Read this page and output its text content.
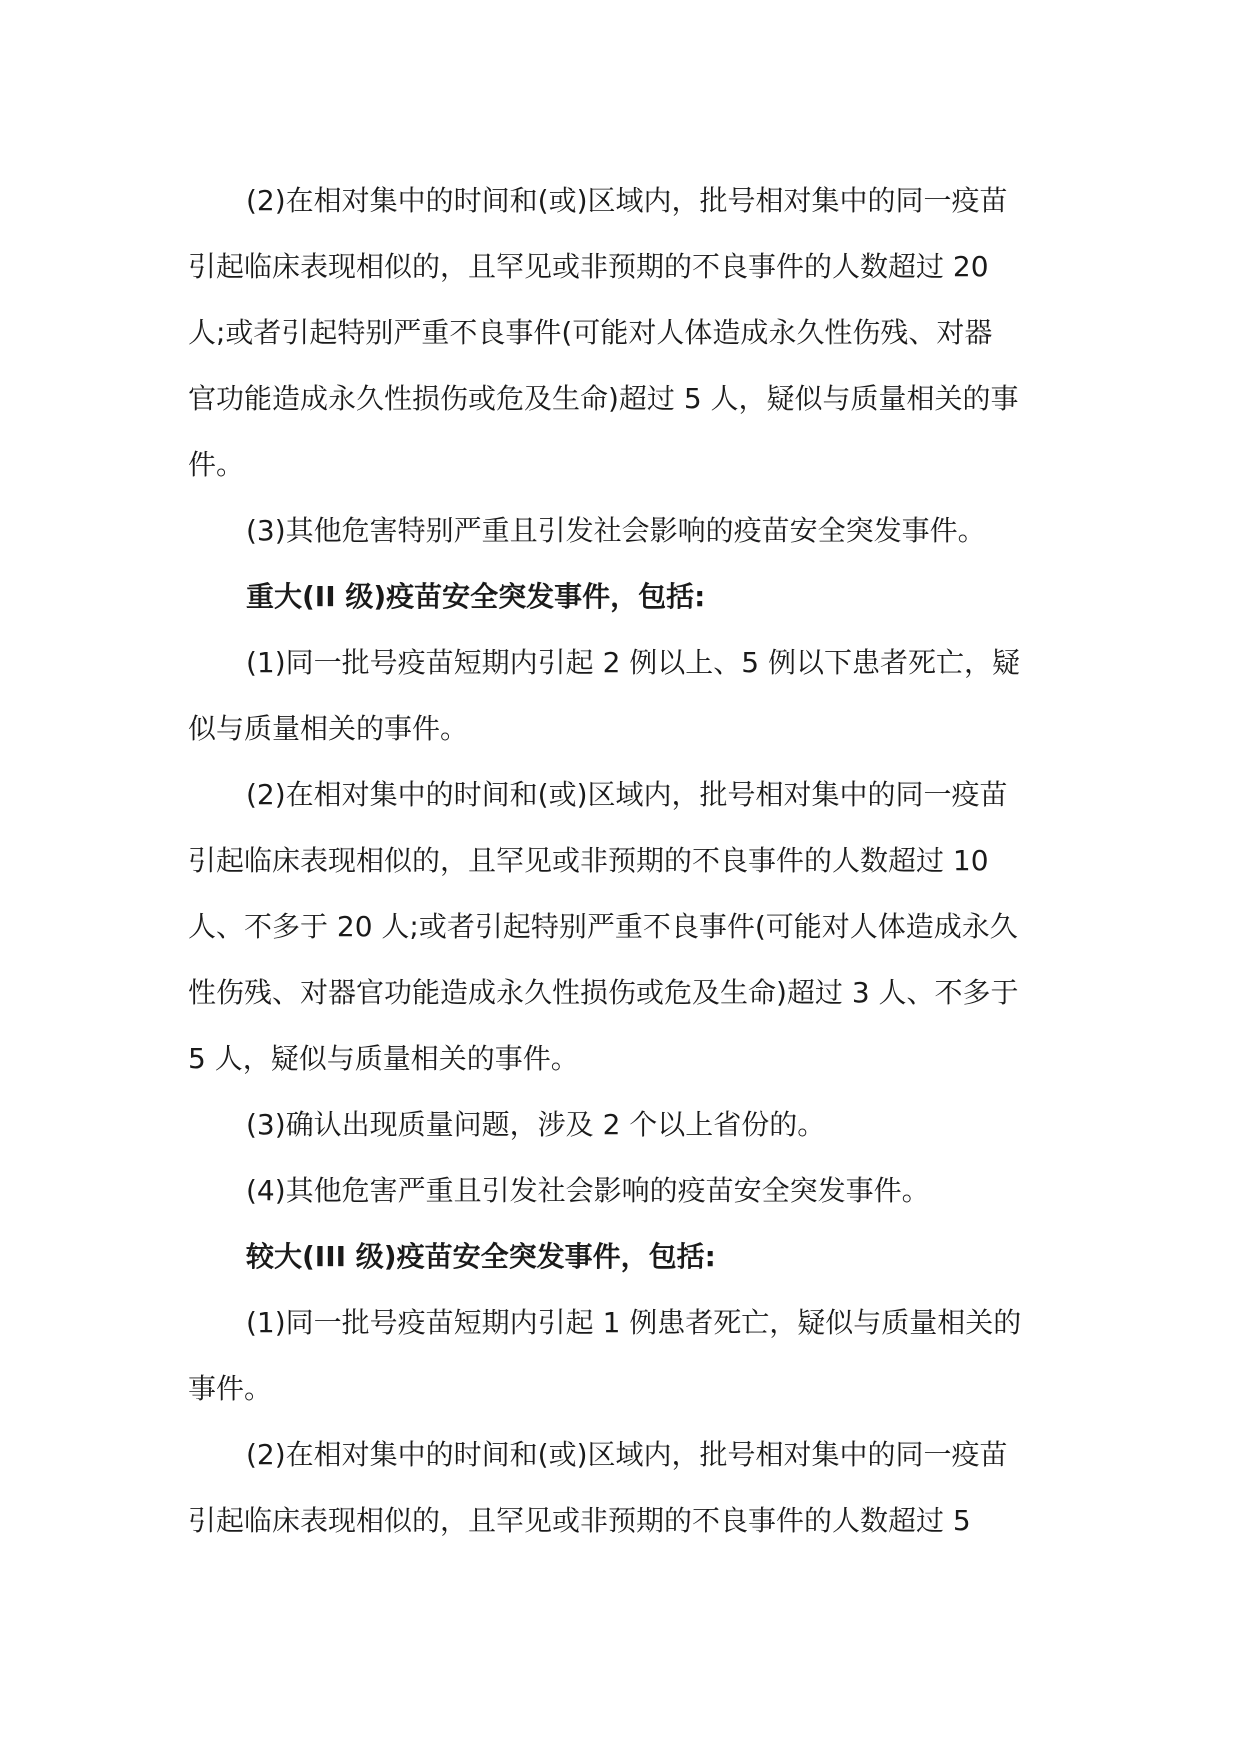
(2)在相对集中的时间和(或)区域内，批号相对集中的同一疫苗
引起临床表现相似的，且罕见或非预期的不良事件的人数超过 20
人;或者引起特别严重不良事件(可能对人体造成永久性伤残、对器
官功能造成永久性损伤或危及生命)超过 5 人，疑似与质量相关的事
件。

(3)其他危害特别严重且引发社会影响的疫苗安全突发事件。

重大(II 级)疫苗安全突发事件，包括:

(1)同一批号疫苗短期内引起 2 例以上、5 例以下患者死亡，疑
似与质量相关的事件。

(2)在相对集中的时间和(或)区域内，批号相对集中的同一疫苗
引起临床表现相似的，且罕见或非预期的不良事件的人数超过 10
人、不多于 20 人;或者引起特别严重不良事件(可能对人体造成永久
性伤残、对器官功能造成永久性损伤或危及生命)超过 3 人、不多于
5 人，疑似与质量相关的事件。

(3)确认出现质量问题，涉及 2 个以上省份的。

(4)其他危害严重且引发社会影响的疫苗安全突发事件。

较大(III 级)疫苗安全突发事件，包括:

(1)同一批号疫苗短期内引起 1 例患者死亡，疑似与质量相关的
事件。

(2)在相对集中的时间和(或)区域内，批号相对集中的同一疫苗
引起临床表现相似的，且罕见或非预期的不良事件的人数超过 5
